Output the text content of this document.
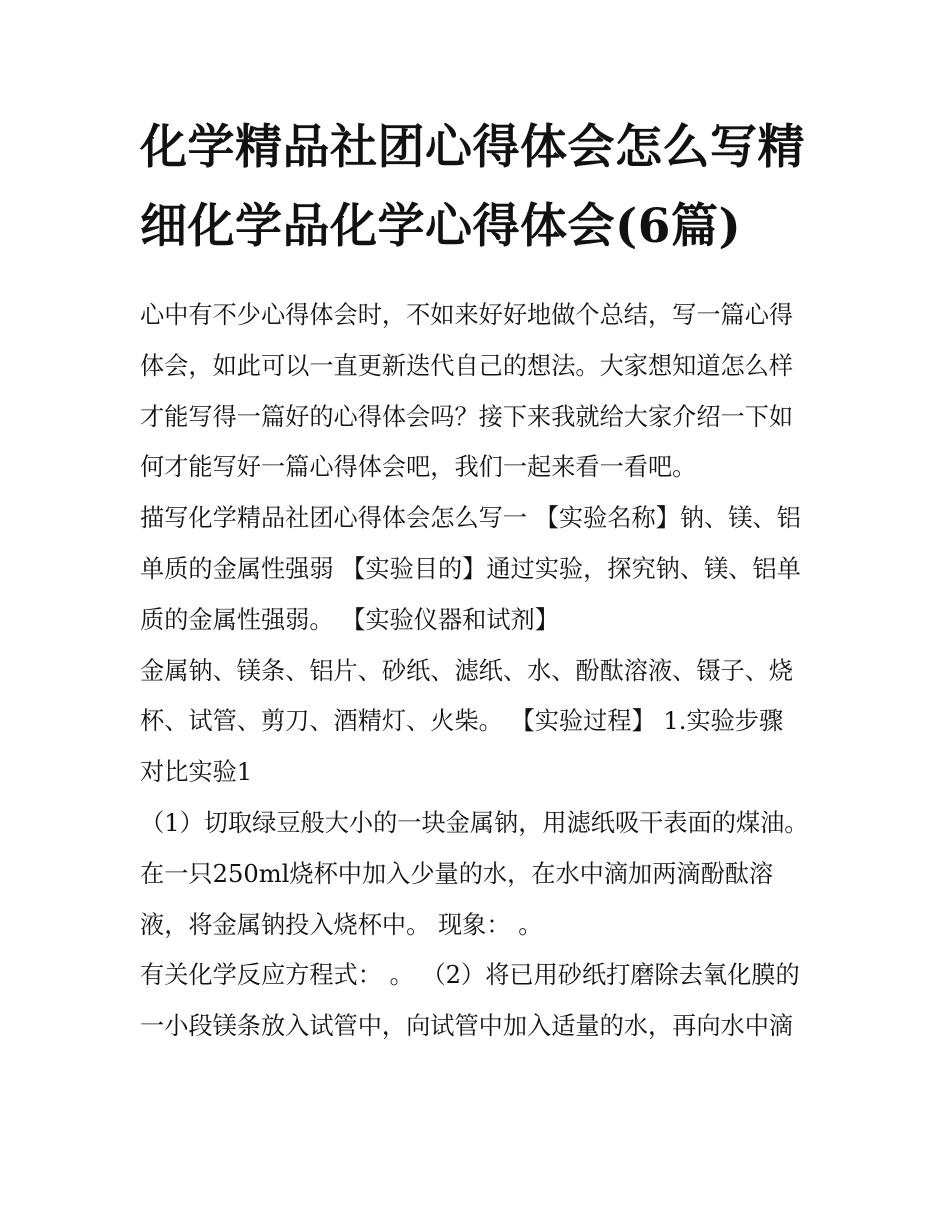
化学精品社团心得体会怎么写精细化学品化学心得体会(6篇)

心中有不少心得体会时，不如来好好地做个总结，写一篇心得体会，如此可以一直更新迭代自己的想法。大家想知道怎么样才能写得一篇好的心得体会吗？接下来我就给大家介绍一下如何才能写好一篇心得体会吧，我们一起来看一看吧。

描写化学精品社团心得体会怎么写一 【实验名称】钠、镁、铝单质的金属性强弱 【实验目的】通过实验，探究钠、镁、铝单质的金属性强弱。 【实验仪器和试剂】

金属钠、镁条、铝片、砂纸、滤纸、水、酚酞溶液、镊子、烧杯、试管、剪刀、酒精灯、火柴。 【实验过程】 1.实验步骤

对比实验1

（1）切取绿豆般大小的一块金属钠，用滤纸吸干表面的煤油。在一只250ml烧杯中加入少量的水，在水中滴加两滴酚酞溶液，将金属钠投入烧杯中。 现象： 。

有关化学反应方程式： 。 （2）将已用砂纸打磨除去氧化膜的一小段镁条放入试管中，向试管中加入适量的水，再向水中滴
